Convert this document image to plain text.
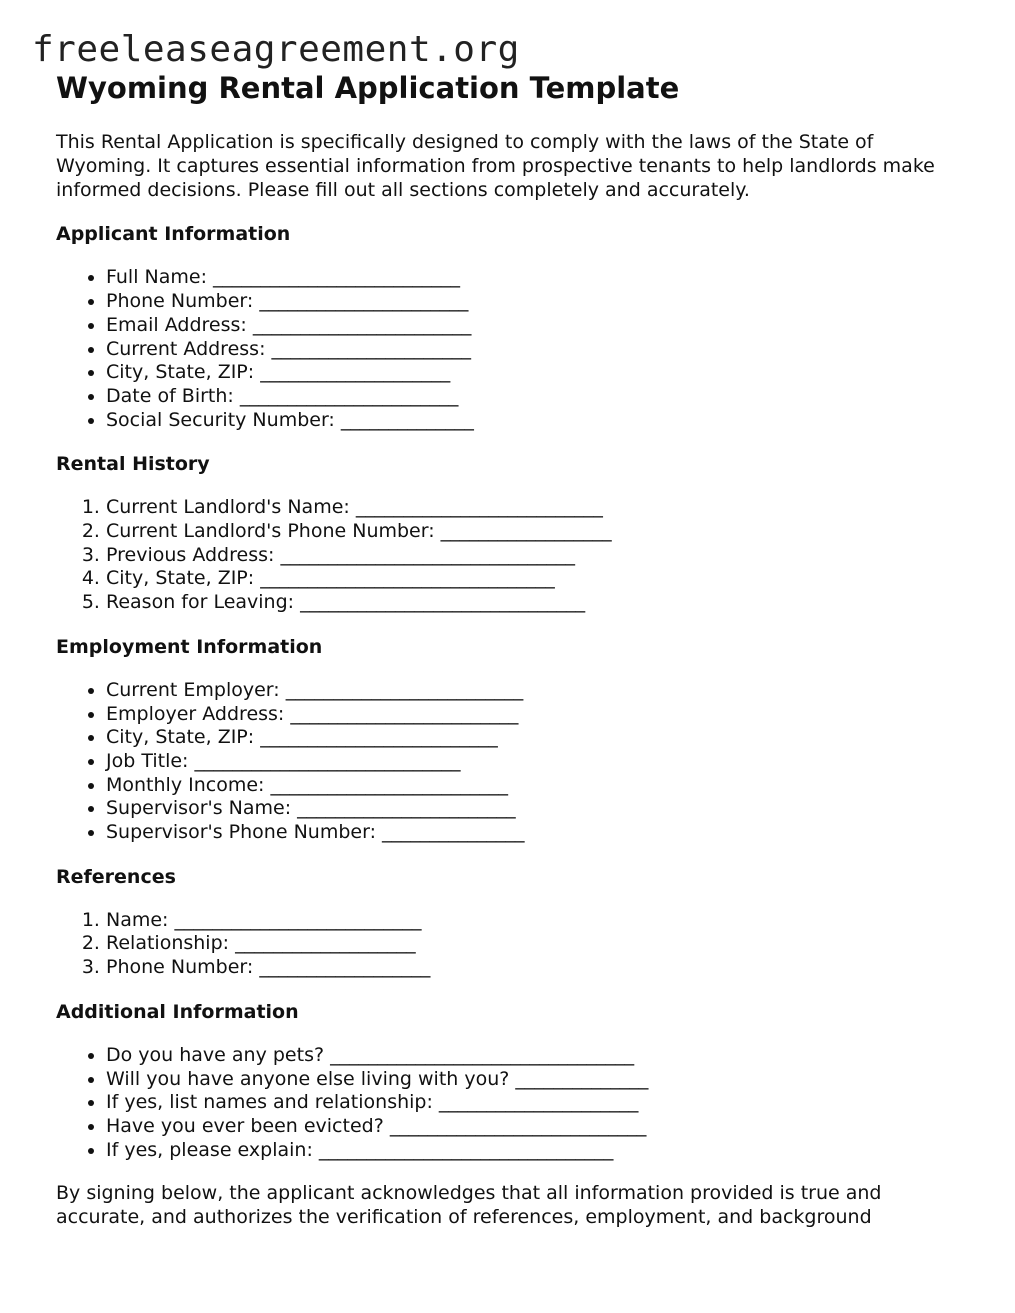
freeleaseagreement.org
Wyoming Rental Application Template

This Rental Application is specifically designed to comply with the laws of the State of Wyoming. It captures essential information from prospective tenants to help landlords make informed decisions. Please fill out all sections completely and accurately.

Applicant Information
• Full Name: __________________________
• Phone Number: ______________________
• Email Address: _______________________
• Current Address: _____________________
• City, State, ZIP: ____________________
• Date of Birth: _______________________
• Social Security Number: ______________
Rental History
1. Current Landlord's Name: __________________________
2. Current Landlord's Phone Number: __________________
3. Previous Address: _______________________________
4. City, State, ZIP: _______________________________
5. Reason for Leaving: ______________________________
Employment Information
• Current Employer: _________________________
• Employer Address: ________________________
• City, State, ZIP: _________________________
• Job Title: ____________________________
• Monthly Income: _________________________
• Supervisor's Name: _______________________
• Supervisor's Phone Number: _______________
References
1. Name: __________________________
2. Relationship: ___________________
3. Phone Number: __________________
Additional Information
• Do you have any pets? ________________________________
• Will you have anyone else living with you? ______________
• If yes, list names and relationship: _____________________
• Have you ever been evicted? ___________________________
• If yes, please explain: _______________________________

By signing below, the applicant acknowledges that all information provided is true and accurate, and authorizes the verification of references, employment, and background
